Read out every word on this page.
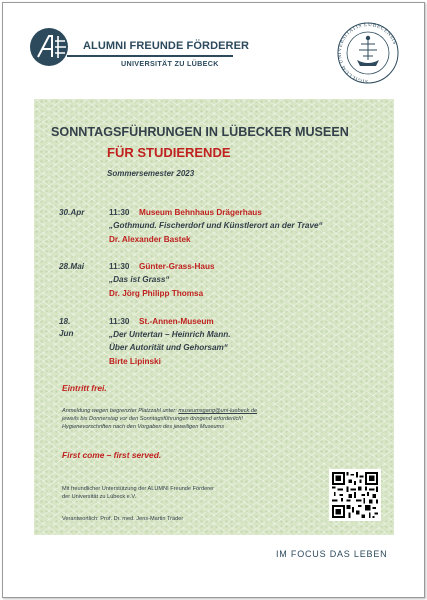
ALUMNI FREUNDE FÖRDERER
UNIVERSITÄT ZU LÜBECK
SIGILLUM UNIVERSITATIS LUBECENSIS
SONNTAGSFÜHRUNGEN IN LÜBECKER MUSEEN
FÜR STUDIERENDE
Sommersemester 2023
30.Apr	11:30 Museum Behnhaus Drägerhaus
„Gothmund. Fischerdorf und Künstlerort an der Trave“
Dr. Alexander Bastek
28.Mai	11:30 Günter-Grass-Haus
„Das ist Grass“
Dr. Jörg Philipp Thomsa
18. Jun
11:30 St.-Annen-Museum
„Der Untertan – Heinrich Mann.
Über Autorität und Gehorsam“
Birte Lipinski
Eintritt frei.
Anmeldung wegen begrenzter Platzzahl unter: museumsgang@uni-luebeck.de
jeweils bis Donnerstag vor den Sonntagsführungen dringend erforderlich!
Hygienevorschriften nach den Vorgaben des jeweiligen Museums
First come – first served.
Mit freundlicher Unterstützung der ALUMNI Freunde Förderer
der Universität zu Lübeck e.V.
Verantwortlich: Prof. Dr. med. Jens-Martin Träder
IM FOCUS DAS LEBEN
